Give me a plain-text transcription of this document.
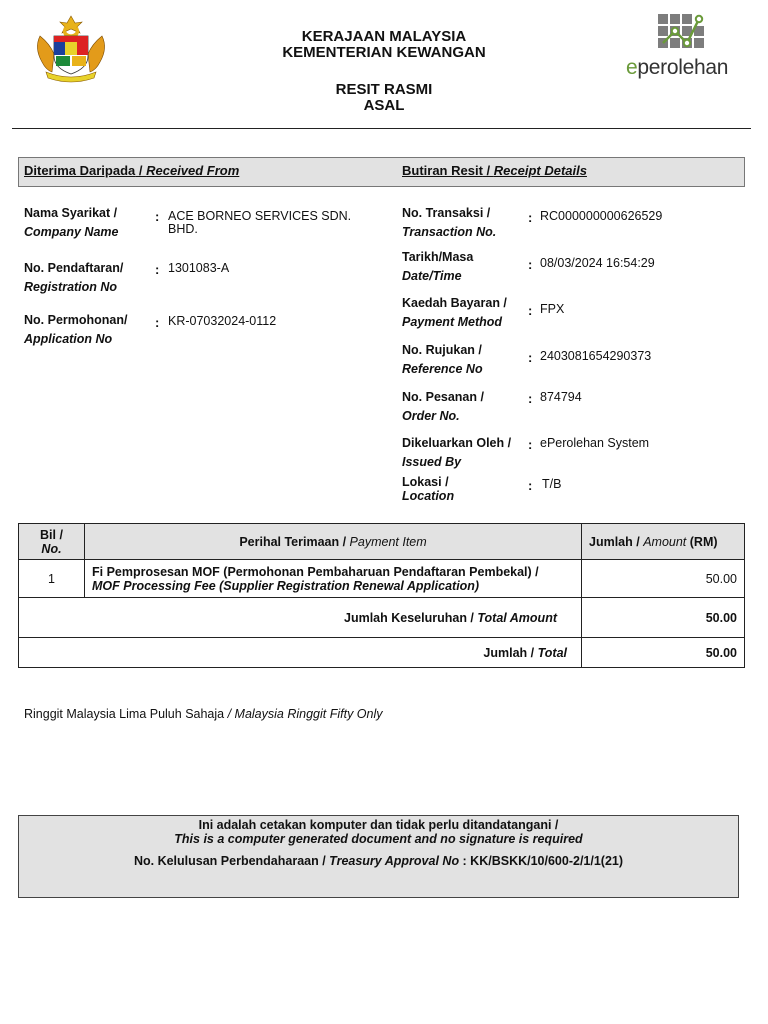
KERAJAAN MALAYSIA
KEMENTERIAN KEWANGAN
RESIT RASMI
ASAL
eperolehan
Diterima Daripada / Received From	Butiran Resit / Receipt Details
Nama Syarikat /
Company Name
: ACE BORNEO SERVICES SDN. BHD.
No. Pendaftaran/
Registration No
: 1301083-A
No. Permohonan/
Application No
: KR-07032024-0112
No. Transaksi /
Transaction No.
: RC000000000626529
Tarikh/Masa
Date/Time
: 08/03/2024 16:54:29
Kaedah Bayaran /
Payment Method
: FPX
No. Rujukan /
Reference No
: 2403081654290373
No. Pesanan /
Order No.
: 874794
Dikeluarkan Oleh /
Issued By
: ePerolehan System
Lokasi /
Location
: T/B
Bil /
No.	Perihal Terimaan / Payment Item	Jumlah / Amount (RM)
1	Fi Pemprosesan MOF (Permohonan Pembaharuan Pendaftaran Pembekal) /
MOF Processing Fee (Supplier Registration Renewal Application)	50.00
Jumlah Keseluruhan / Total Amount		50.00
Jumlah / Total		50.00
Ringgit Malaysia Lima Puluh Sahaja / Malaysia Ringgit Fifty Only
Ini adalah cetakan komputer dan tidak perlu ditandatangani /
This is a computer generated document and no signature is required
No. Kelulusan Perbendaharaan / Treasury Approval No : KK/BSKK/10/600-2/1/1(21)
